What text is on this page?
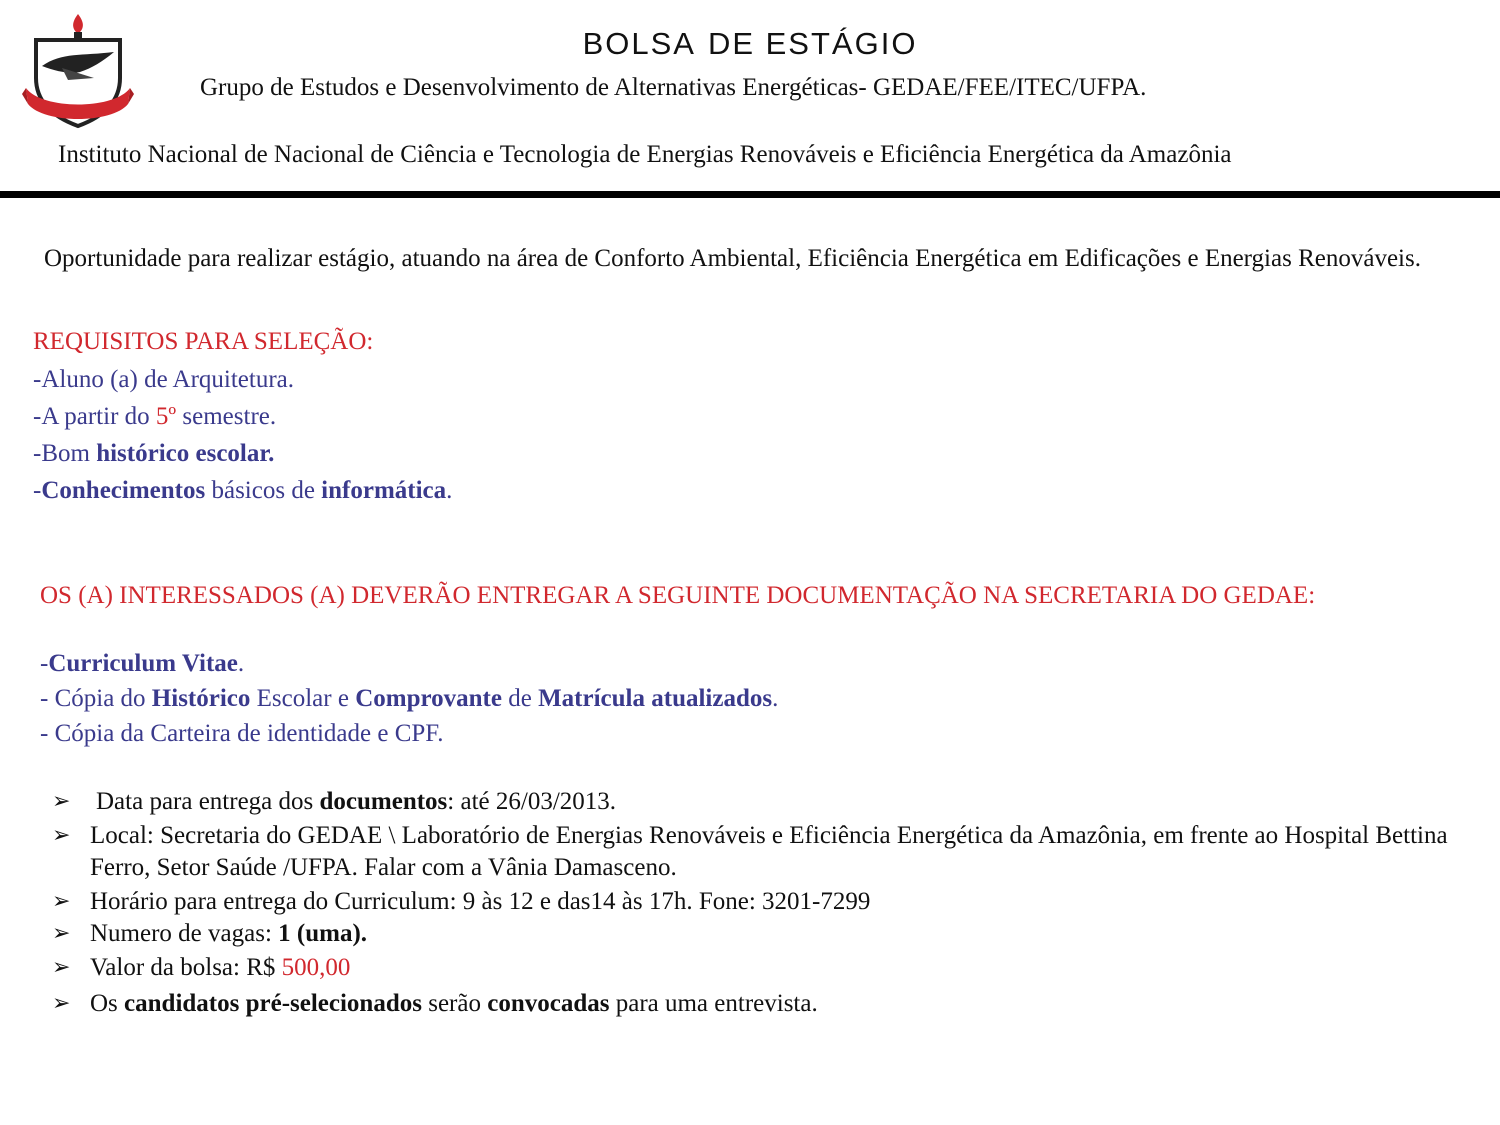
BOLSA DE ESTÁGIO
Grupo de Estudos e Desenvolvimento de Alternativas Energéticas- GEDAE/FEE/ITEC/UFPA.
Instituto Nacional de Nacional de Ciência e Tecnologia de Energias Renováveis e Eficiência Energética da Amazônia
Oportunidade para realizar estágio, atuando na área de Conforto Ambiental, Eficiência Energética em Edificações e Energias Renováveis.
REQUISITOS PARA SELEÇÃO:
-Aluno (a) de Arquitetura.
-A partir do 5º semestre.
-Bom histórico escolar.
-Conhecimentos básicos de informática.
OS (A) INTERESSADOS (A) DEVERÃO ENTREGAR A SEGUINTE DOCUMENTAÇÃO NA SECRETARIA DO GEDAE:
-Curriculum Vitae.
- Cópia do Histórico Escolar e Comprovante de Matrícula atualizados.
- Cópia da Carteira de identidade e CPF.
➢ Data para entrega dos documentos: até 26/03/2013.
➢ Local: Secretaria do GEDAE \ Laboratório de Energias Renováveis e Eficiência Energética da Amazônia, em frente ao Hospital Bettina Ferro, Setor Saúde /UFPA. Falar com a Vânia Damasceno.
➢ Horário para entrega do Curriculum: 9 às 12 e das14 às 17h. Fone: 3201-7299
➢ Numero de vagas: 1 (uma).
➢ Valor da bolsa: R$ 500,00
➢ Os candidatos pré-selecionados serão convocadas para uma entrevista.
